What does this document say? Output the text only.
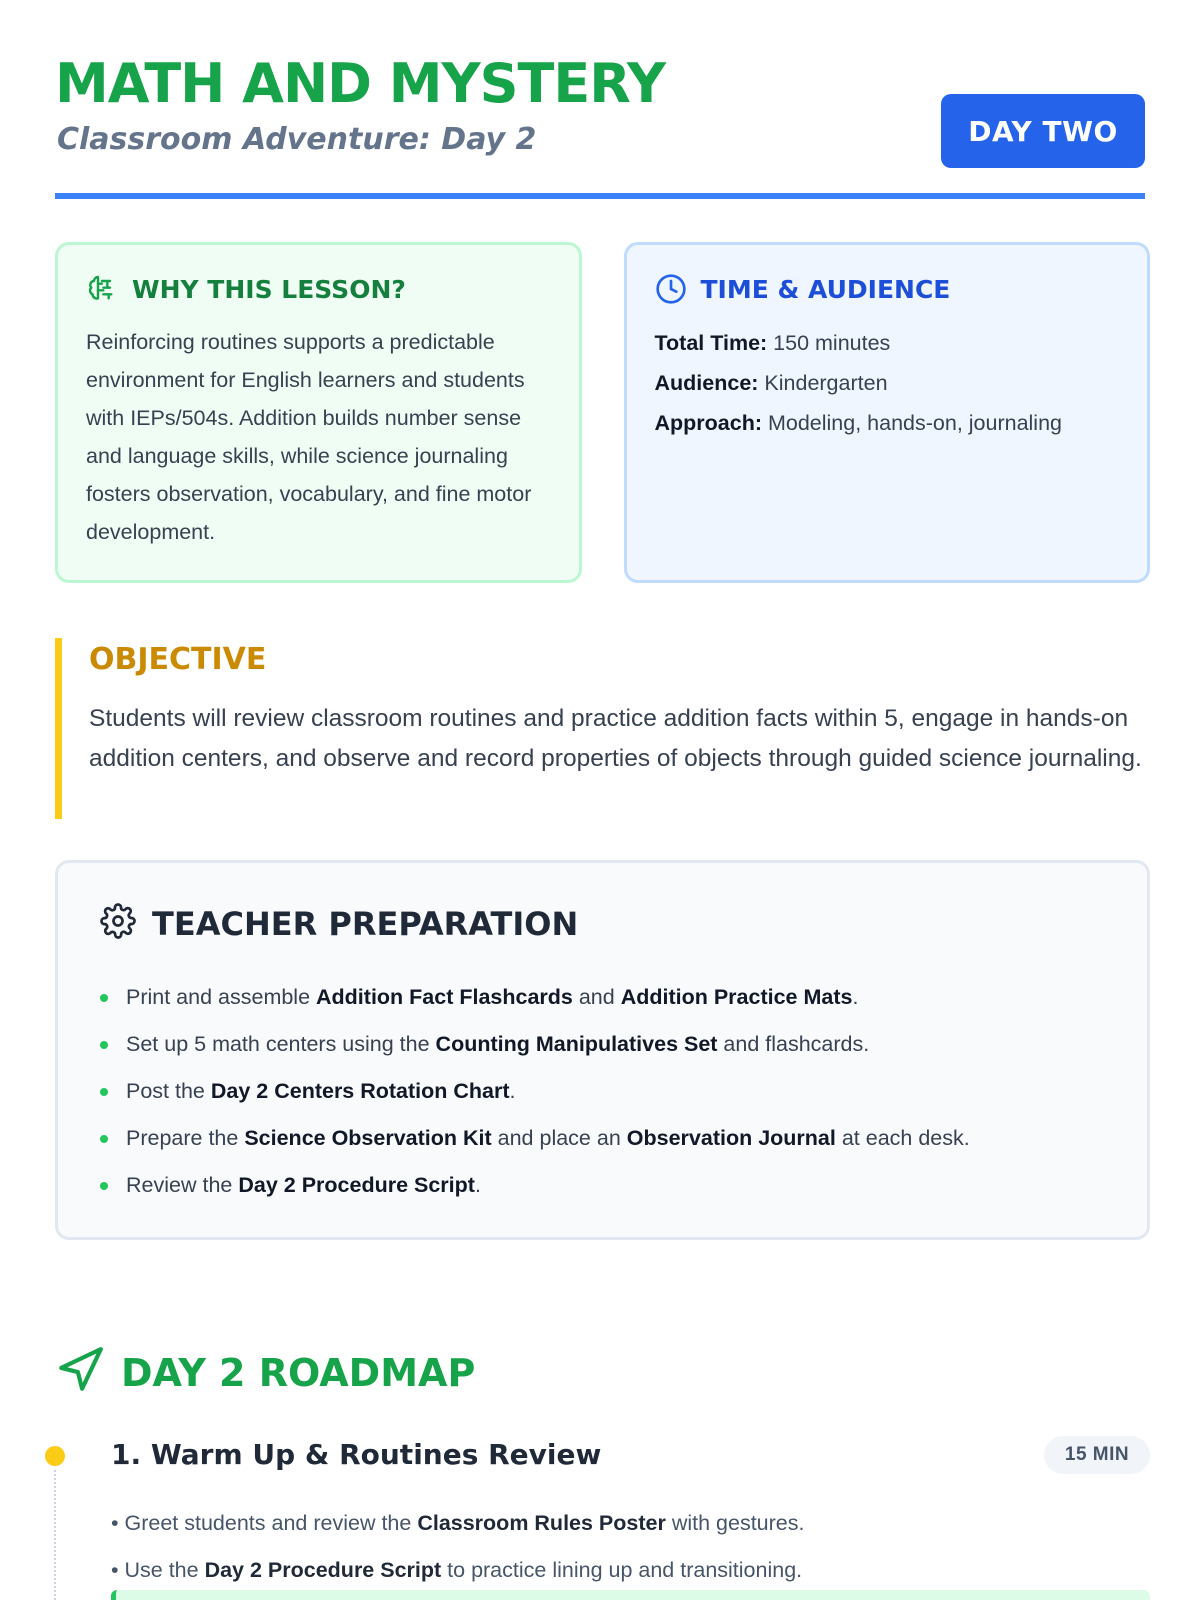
MATH AND MYSTERY
Classroom Adventure: Day 2	DAY TWO
WHY THIS LESSON?
Reinforcing routines supports a predictable environment for English learners and students with IEPs/504s. Addition builds number sense and language skills, while science journaling fosters observation, vocabulary, and fine motor development.
TIME & AUDIENCE
Total Time: 150 minutes
Audience: Kindergarten
Approach: Modeling, hands-on, journaling
OBJECTIVE
Students will review classroom routines and practice addition facts within 5, engage in hands-on addition centers, and observe and record properties of objects through guided science journaling.
TEACHER PREPARATION
Print and assemble Addition Fact Flashcards and Addition Practice Mats.
Set up 5 math centers using the Counting Manipulatives Set and flashcards.
Post the Day 2 Centers Rotation Chart.
Prepare the Science Observation Kit and place an Observation Journal at each desk.
Review the Day 2 Procedure Script.
DAY 2 ROADMAP
1. Warm Up & Routines Review	15 MIN
• Greet students and review the Classroom Rules Poster with gestures.
• Use the Day 2 Procedure Script to practice lining up and transitioning.
